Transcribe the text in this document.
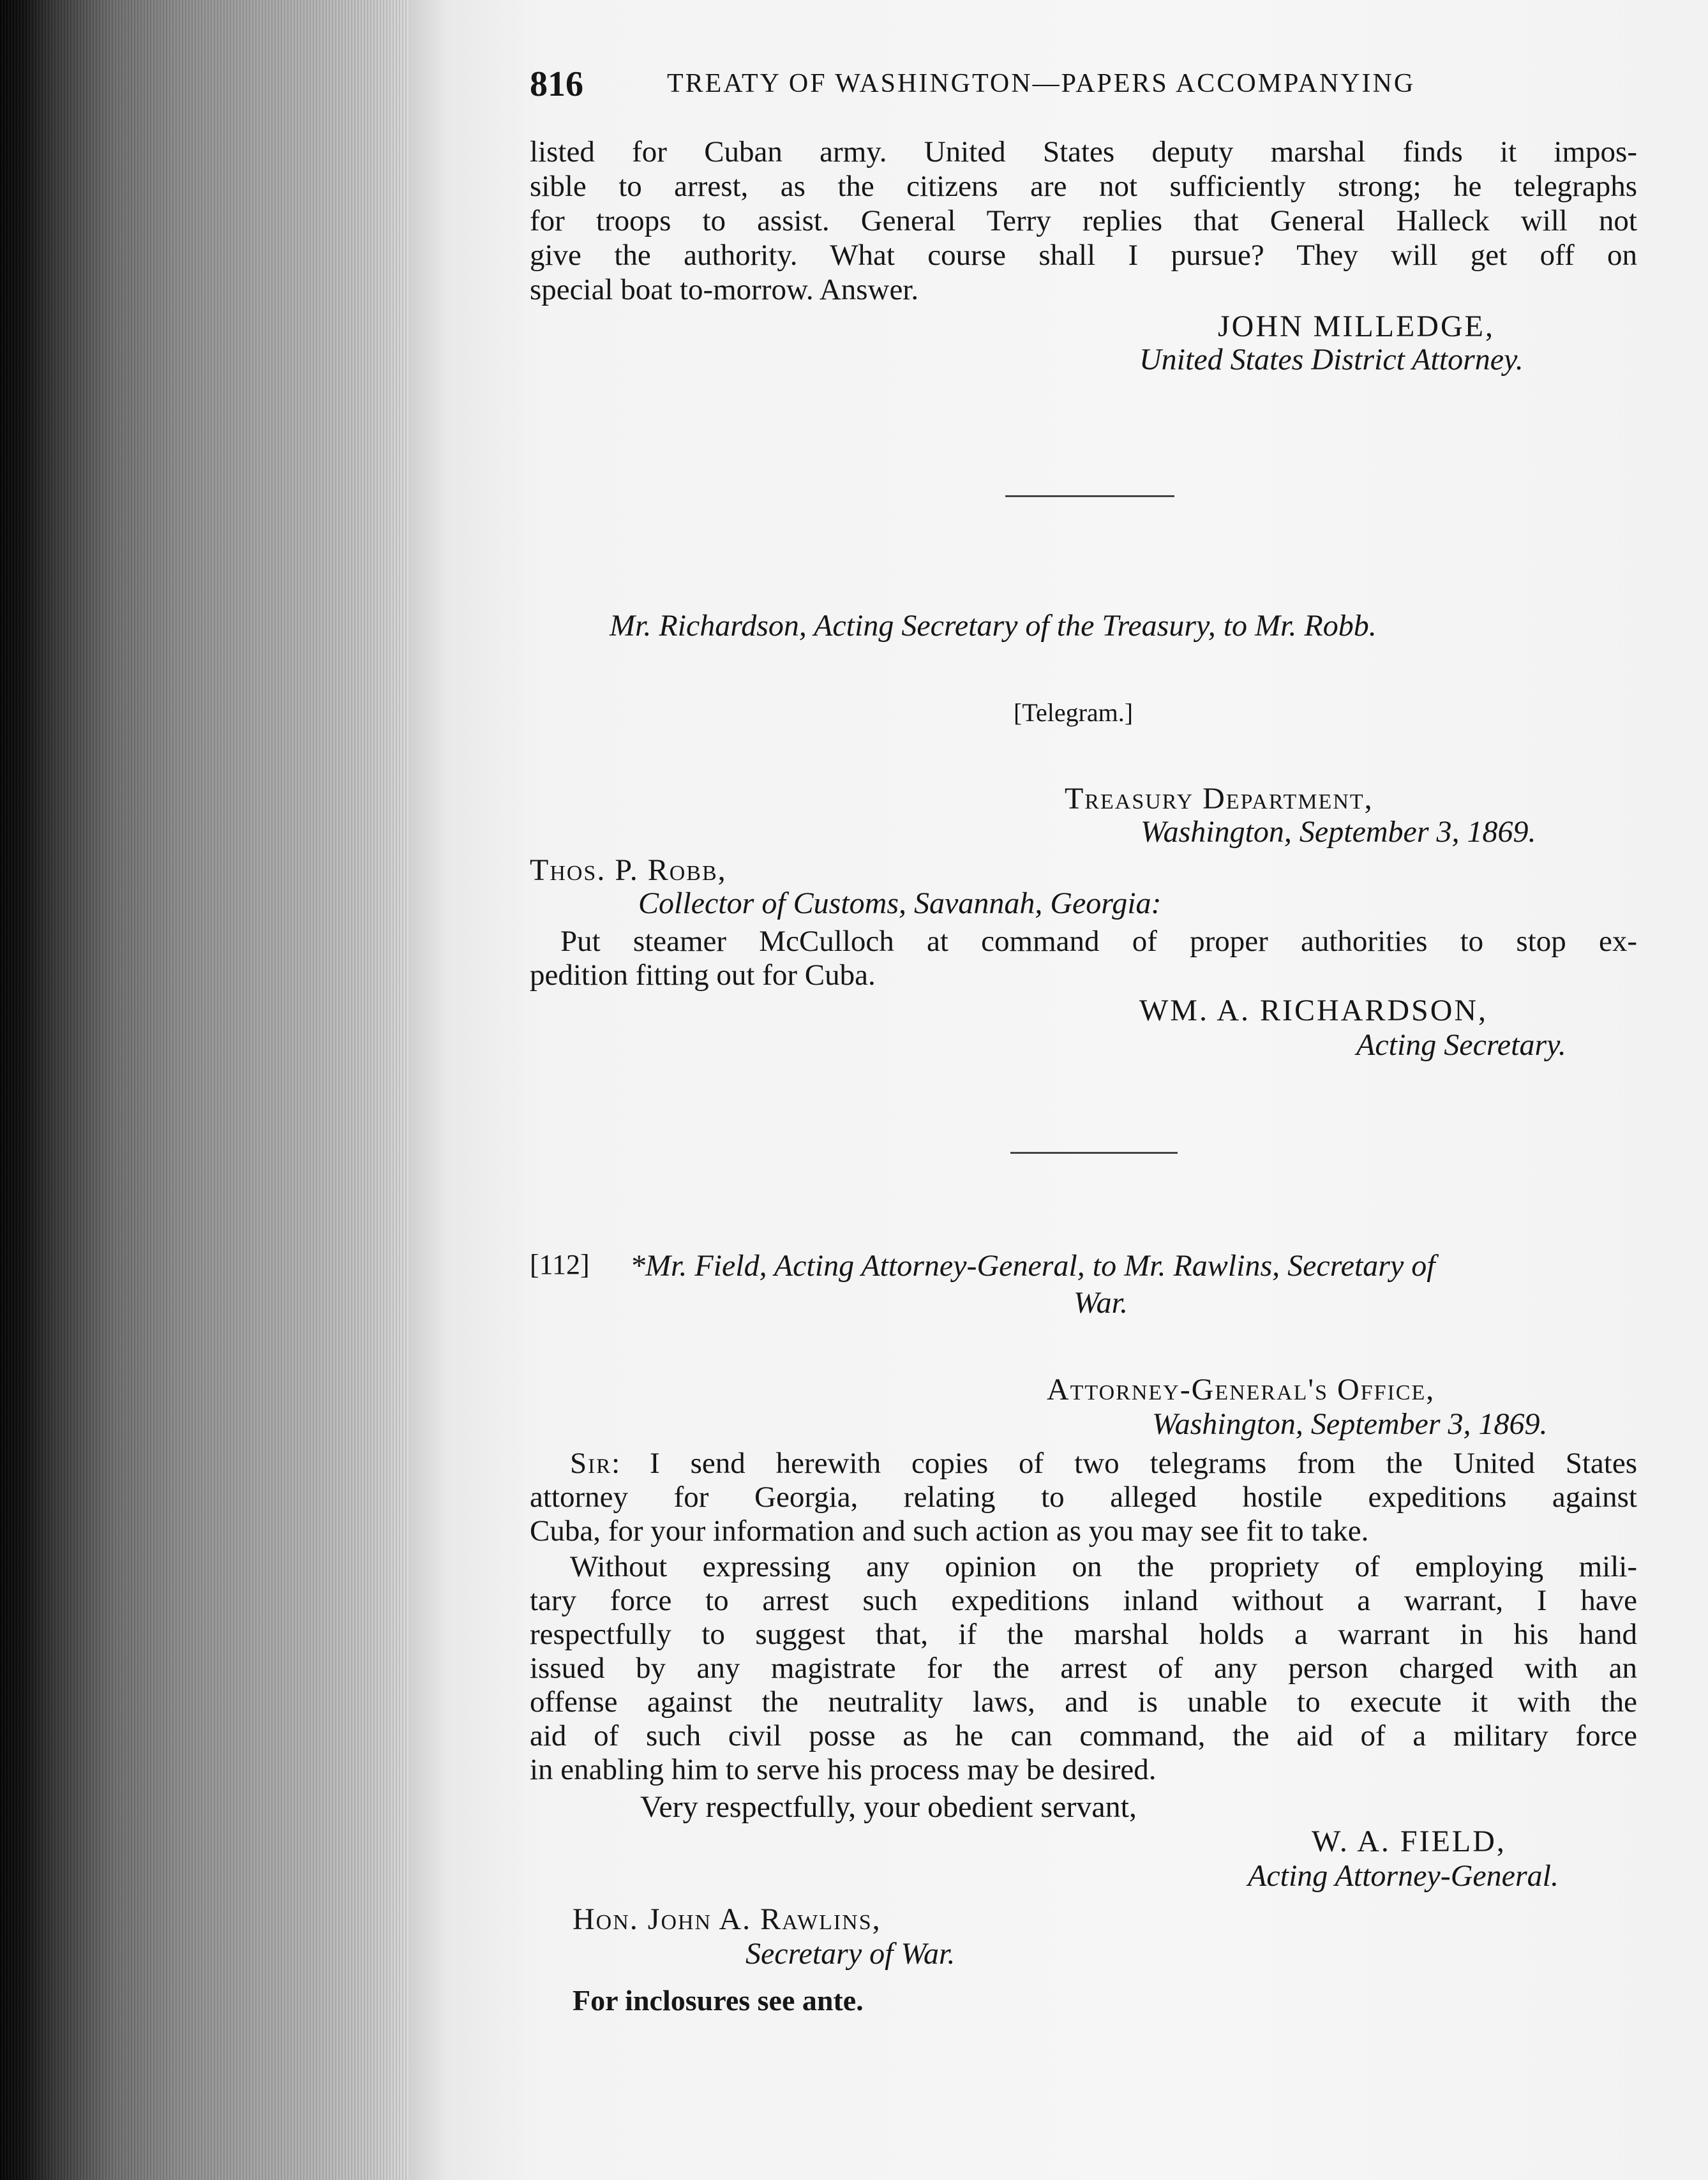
816	TREATY OF WASHINGTON—PAPERS ACCOMPANYING
listed for Cuban army. United States deputy marshal finds it impos-
sible to arrest, as the citizens are not sufficiently strong; he telegraphs
for troops to assist. General Terry replies that General Halleck will not
give the authority. What course shall I pursue? They will get off on
special boat to-morrow. Answer.
JOHN MILLEDGE,
United States District Attorney.
Mr. Richardson, Acting Secretary of the Treasury, to Mr. Robb.
[Telegram.]
Treasury Department,
Washington, September 3, 1869.
Thos. P. Robb,
Collector of Customs, Savannah, Georgia:
Put steamer McCulloch at command of proper authorities to stop ex-
pedition fitting out for Cuba.
WM. A. RICHARDSON,
Acting Secretary.
[112] *Mr. Field, Acting Attorney-General, to Mr. Rawlins, Secretary of
War.
Attorney-General's Office,
Washington, September 3, 1869.
Sir: I send herewith copies of two telegrams from the United States
attorney for Georgia, relating to alleged hostile expeditions against
Cuba, for your information and such action as you may see fit to take.
Without expressing any opinion on the propriety of employing mili-
tary force to arrest such expeditions inland without a warrant, I have
respectfully to suggest that, if the marshal holds a warrant in his hand
issued by any magistrate for the arrest of any person charged with an
offense against the neutrality laws, and is unable to execute it with the
aid of such civil posse as he can command, the aid of a military force
in enabling him to serve his process may be desired.
Very respectfully, your obedient servant,
W. A. FIELD,
Acting Attorney-General.
Hon. John A. Rawlins,
Secretary of War.
For inclosures see ante.
